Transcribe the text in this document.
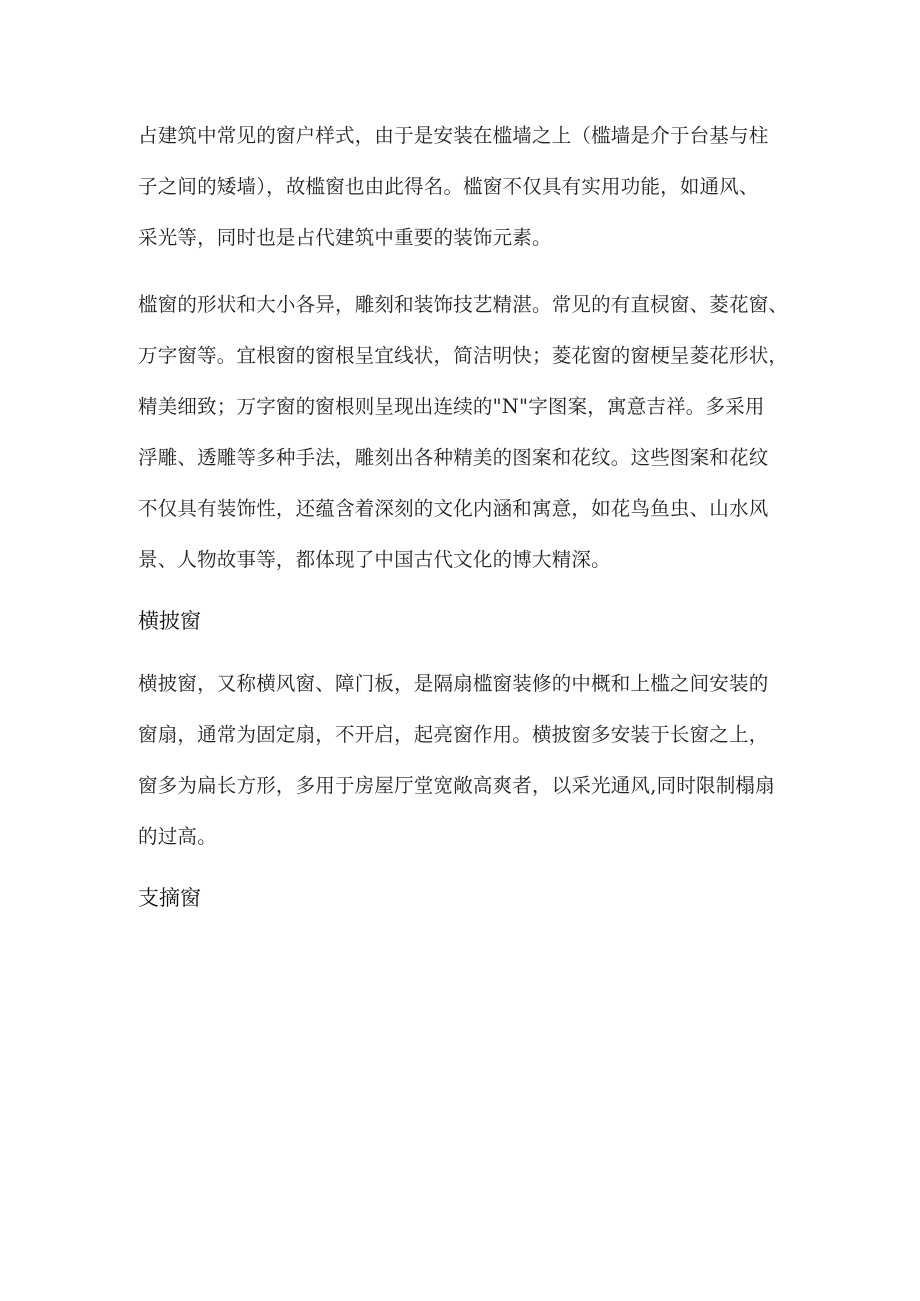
占建筑中常见的窗户样式，由于是安装在槛墙之上（槛墙是介于台基与柱
子之间的矮墙），故槛窗也由此得名。槛窗不仅具有实用功能，如通风、
采光等，同时也是占代建筑中重要的装饰元素。
槛窗的形状和大小各异，雕刻和装饰技艺精湛。常见的有直棂窗、菱花窗、
万字窗等。宜根窗的窗根呈宜线状，简洁明快；菱花窗的窗梗呈菱花形状，
精美细致；万字窗的窗根则呈现出连续的"N"字图案，寓意吉祥。多采用
浮雕、透雕等多种手法，雕刻出各种精美的图案和花纹。这些图案和花纹
不仅具有装饰性，还蕴含着深刻的文化内涵和寓意，如花鸟鱼虫、山水风
景、人物故事等，都体现了中国古代文化的博大精深。
横披窗
横披窗，又称横风窗、障门板，是隔扇槛窗装修的中概和上槛之间安装的
窗扇，通常为固定扇，不开启，起亮窗作用。横披窗多安装于长窗之上，
窗多为扁长方形，多用于房屋厅堂宽敞高爽者，以采光通风,同时限制榻扇
的过高。
支摘窗
